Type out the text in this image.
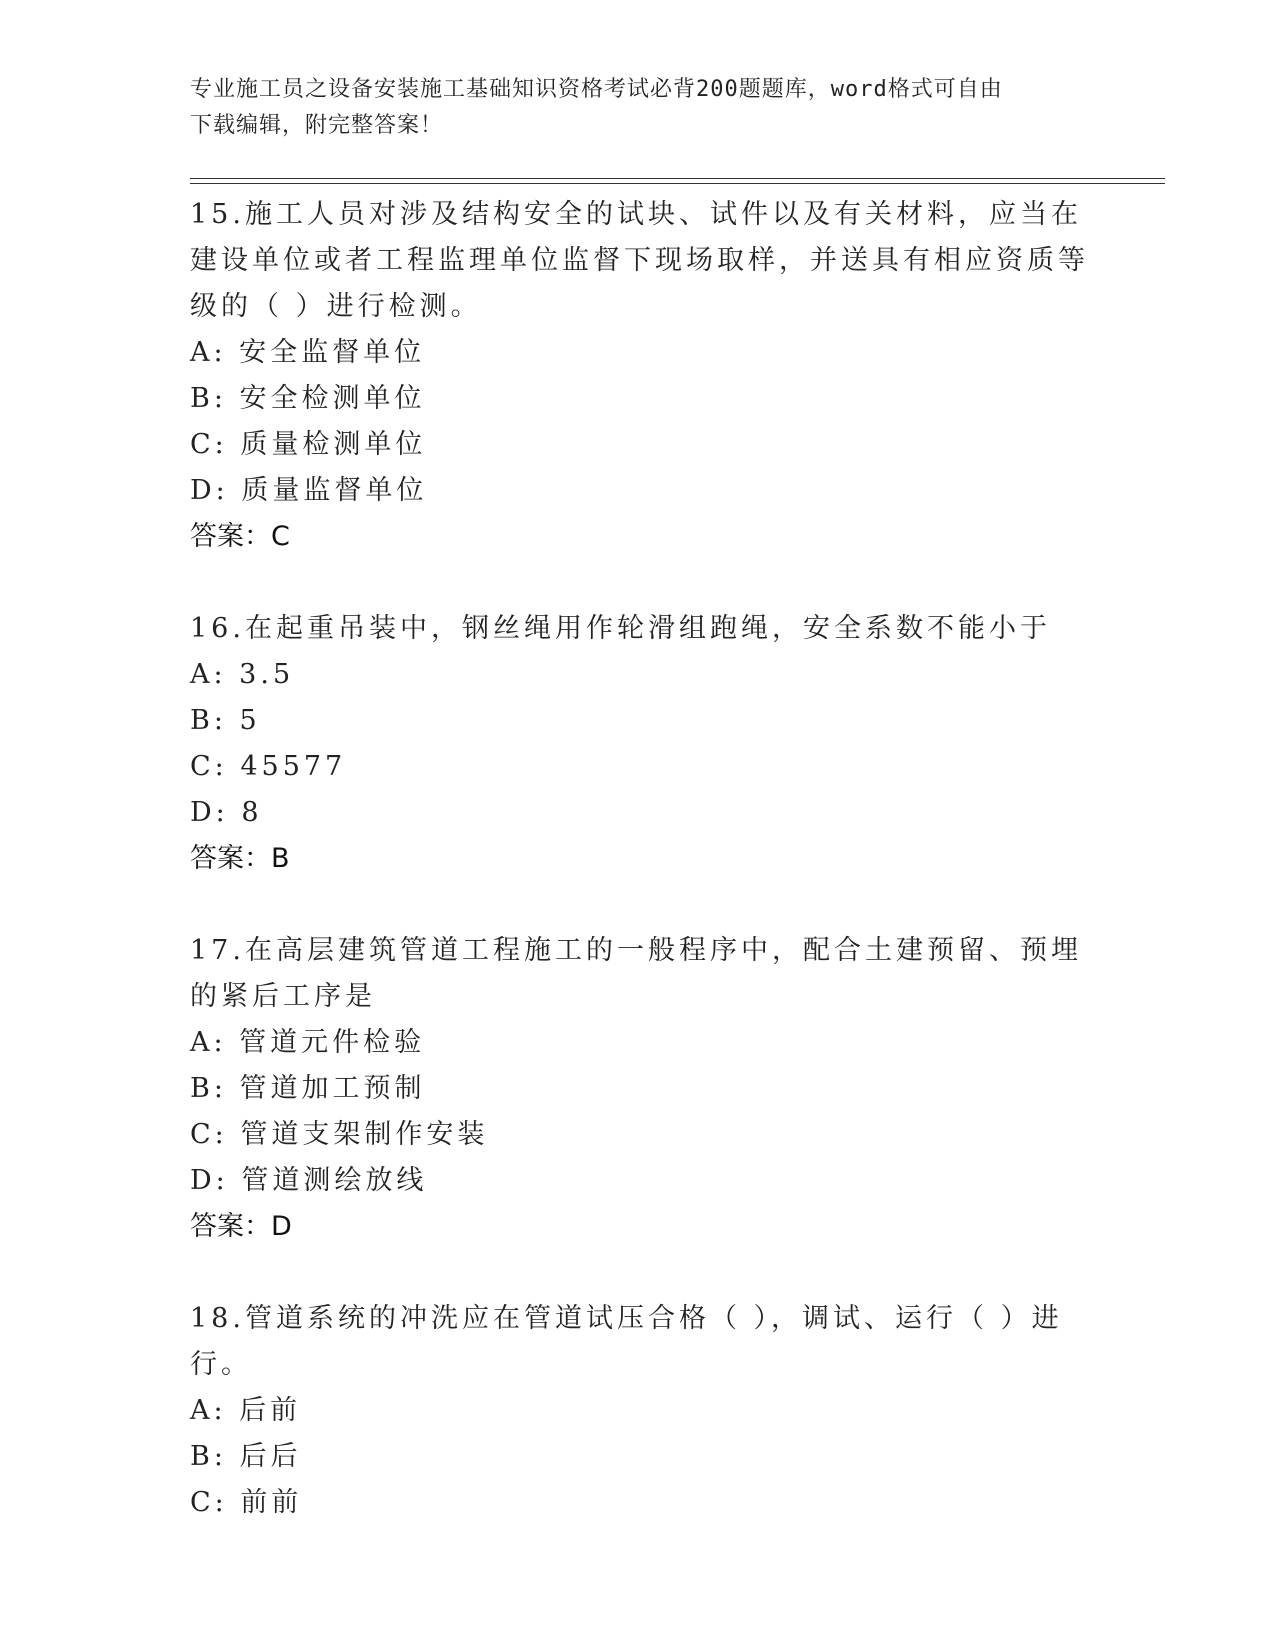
专业施工员之设备安装施工基础知识资格考试必背200题题库，word格式可自由
下载编辑，附完整答案！
15.施工人员对涉及结构安全的试块、试件以及有关材料，应当在建设单位或者工程监理单位监督下现场取样，并送具有相应资质等级的（ ）进行检测。
A: 安全监督单位
B: 安全检测单位
C: 质量检测单位
D: 质量监督单位
答案：C
16.在起重吊装中，钢丝绳用作轮滑组跑绳，安全系数不能小于
A: 3.5
B: 5
C: 45577
D: 8
答案：B
17.在高层建筑管道工程施工的一般程序中，配合土建预留、预埋的紧后工序是
A: 管道元件检验
B: 管道加工预制
C: 管道支架制作安装
D: 管道测绘放线
答案：D
18.管道系统的冲洗应在管道试压合格（ ），调试、运行（ ）进行。
A: 后前
B: 后后
C: 前前
